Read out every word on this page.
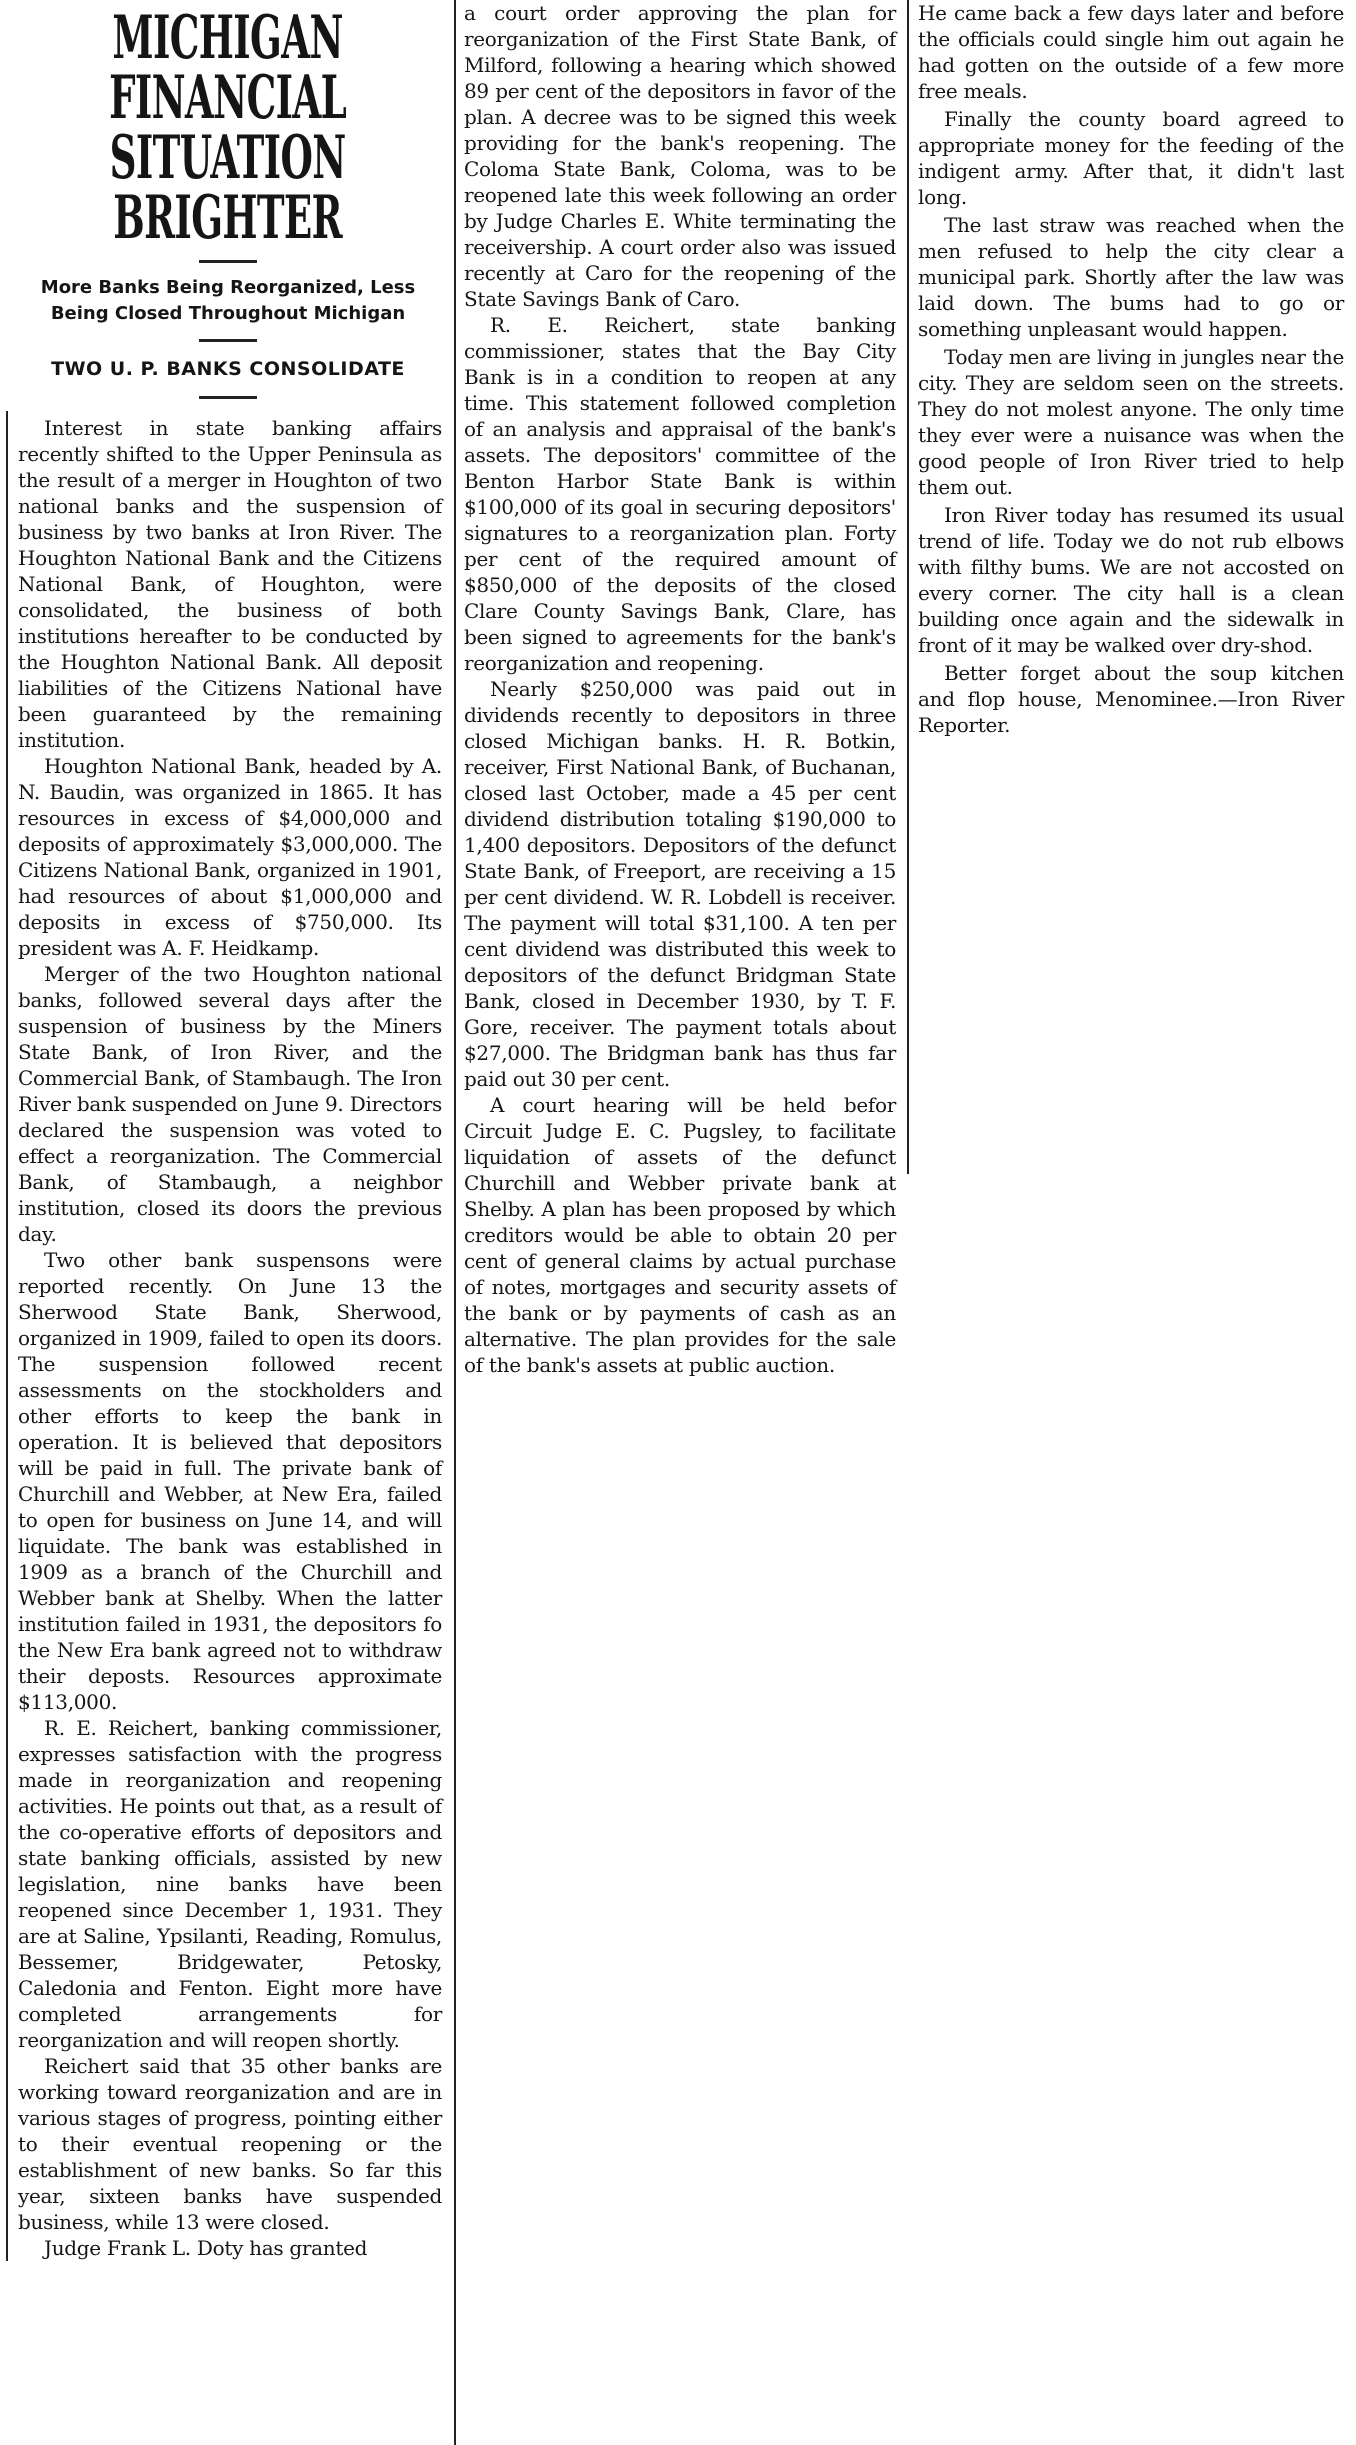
MICHIGAN FINANCIAL SITUATION BRIGHTER

More Banks Being Reorganized, Less Being Closed Throughout Michigan

TWO U. P. BANKS CONSOLIDATE

Interest in state banking affairs recently shifted to the Upper Peninsula as the result of a merger in Houghton of two national banks and the suspension of business by two banks at Iron River. The Houghton National Bank and the Citizens National Bank, of Houghton, were consolidated, the business of both institutions hereafter to be conducted by the Houghton National Bank. All deposit liabilities of the Citizens National have been guaranteed by the remaining institution.

Houghton National Bank, headed by A. N. Baudin, was organized in 1865. It has resources in excess of $4,000,000 and deposits of approximately $3,000,000. The Citizens National Bank, organized in 1901, had resources of about $1,000,000 and deposits in excess of $750,000. Its president was A. F. Heidkamp.

Merger of the two Houghton national banks, followed several days after the suspension of business by the Miners State Bank, of Iron River, and the Commercial Bank, of Stambaugh. The Iron River bank suspended on June 9. Directors declared the suspension was voted to effect a reorganization. The Commercial Bank, of Stambaugh, a neighbor institution, closed its doors the previous day.

Two other bank suspensons were reported recently. On June 13 the Sherwood State Bank, Sherwood, organized in 1909, failed to open its doors. The suspension followed recent assessments on the stockholders and other efforts to keep the bank in operation. It is believed that depositors will be paid in full. The private bank of Churchill and Webber, at New Era, failed to open for business on June 14, and will liquidate. The bank was established in 1909 as a branch of the Churchill and Webber bank at Shelby. When the latter institution failed in 1931, the depositors fo the New Era bank agreed not to withdraw their deposts. Resources approximate $113,000.

R. E. Reichert, banking commissioner, expresses satisfaction with the progress made in reorganization and reopening activities. He points out that, as a result of the co-operative efforts of depositors and state banking officials, assisted by new legislation, nine banks have been reopened since December 1, 1931. They are at Saline, Ypsilanti, Reading, Romulus, Bessemer, Bridgewater, Petosky, Caledonia and Fenton. Eight more have completed arrangements for reorganization and will reopen shortly.

Reichert said that 35 other banks are working toward reorganization and are in various stages of progress, pointing either to their eventual reopening or the establishment of new banks. So far this year, sixteen banks have suspended business, while 13 were closed.

Judge Frank L. Doty has granted

a court order approving the plan for reorganization of the First State Bank, of Milford, following a hearing which showed 89 per cent of the depositors in favor of the plan. A decree was to be signed this week providing for the bank's reopening. The Coloma State Bank, Coloma, was to be reopened late this week following an order by Judge Charles E. White terminating the receivership. A court order also was issued recently at Caro for the reopening of the State Savings Bank of Caro.

R. E. Reichert, state banking commissioner, states that the Bay City Bank is in a condition to reopen at any time. This statement followed completion of an analysis and appraisal of the bank's assets. The depositors' committee of the Benton Harbor State Bank is within $100,000 of its goal in securing depositors' signatures to a reorganization plan. Forty per cent of the required amount of $850,000 of the deposits of the closed Clare County Savings Bank, Clare, has been signed to agreements for the bank's reorganization and reopening.

Nearly $250,000 was paid out in dividends recently to depositors in three closed Michigan banks. H. R. Botkin, receiver, First National Bank, of Buchanan, closed last October, made a 45 per cent dividend distribution totaling $190,000 to 1,400 depositors. Depositors of the defunct State Bank, of Freeport, are receiving a 15 per cent dividend. W. R. Lobdell is receiver. The payment will total $31,100. A ten per cent dividend was distributed this week to depositors of the defunct Bridgman State Bank, closed in December 1930, by T. F. Gore, receiver. The payment totals about $27,000. The Bridgman bank has thus far paid out 30 per cent.

A court hearing will be held befor Circuit Judge E. C. Pugsley, to facilitate liquidation of assets of the defunct Churchill and Webber private bank at Shelby. A plan has been proposed by which creditors would be able to obtain 20 per cent of general claims by actual purchase of notes, mortgages and security assets of the bank or by payments of cash as an alternative. The plan provides for the sale of the bank's assets at public auction.

He came back a few days later and before the officials could single him out again he had gotten on the outside of a few more free meals.

Finally the county board agreed to appropriate money for the feeding of the indigent army. After that, it didn't last long.

The last straw was reached when the men refused to help the city clear a municipal park. Shortly after the law was laid down. The bums had to go or something unpleasant would happen.

Today men are living in jungles near the city. They are seldom seen on the streets. They do not molest anyone. The only time they ever were a nuisance was when the good people of Iron River tried to help them out.

Iron River today has resumed its usual trend of life. Today we do not rub elbows with filthy bums. We are not accosted on every corner. The city hall is a clean building once again and the sidewalk in front of it may be walked over dry-shod.

Better forget about the soup kitchen and flop house, Menominee.—Iron River Reporter.
